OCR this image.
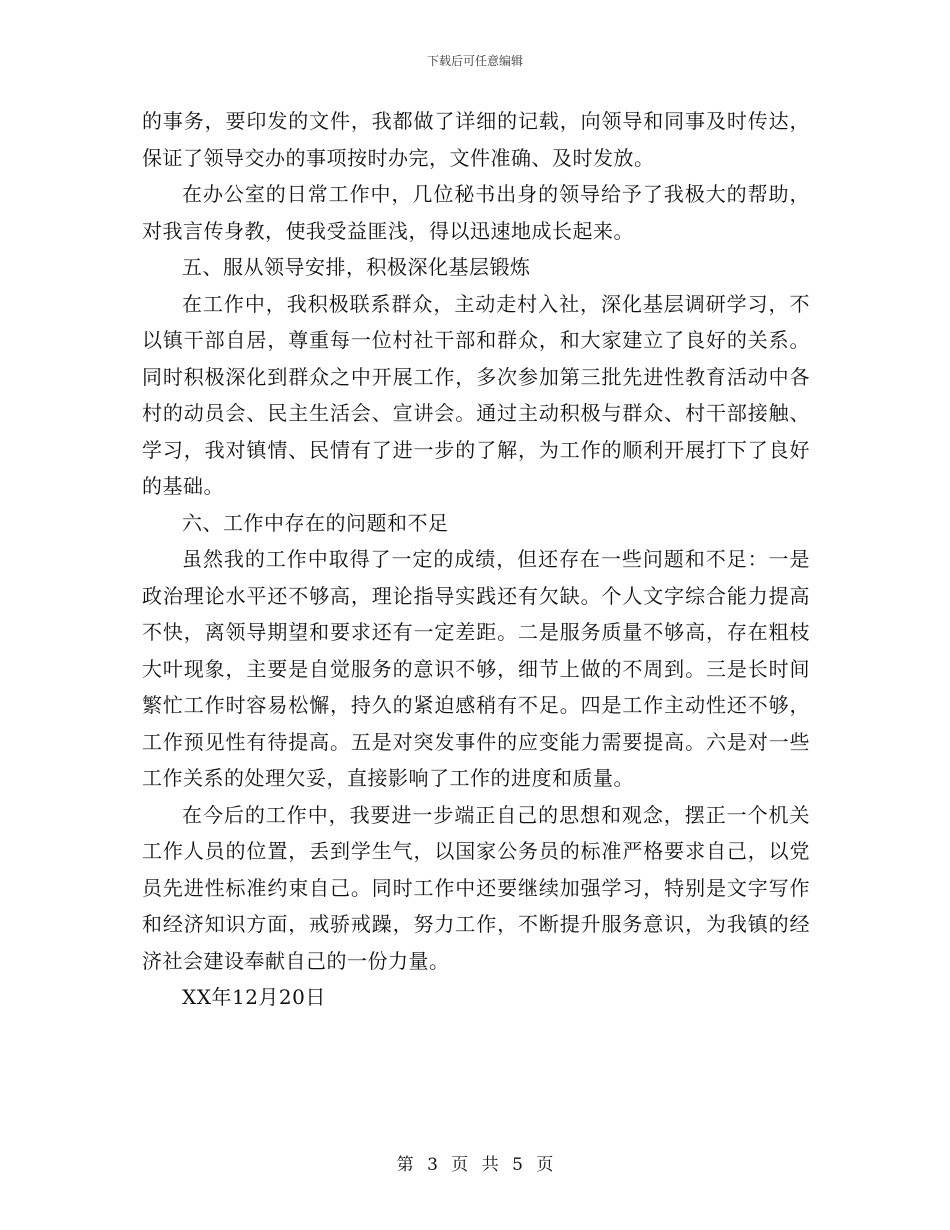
下载后可任意编辑

的事务，要印发的文件，我都做了详细的记载，向领导和同事及时传达，保证了领导交办的事项按时办完，文件准确、及时发放。

在办公室的日常工作中，几位秘书出身的领导给予了我极大的帮助，对我言传身教，使我受益匪浅，得以迅速地成长起来。

五、服从领导安排，积极深化基层锻炼

在工作中，我积极联系群众，主动走村入社，深化基层调研学习，不以镇干部自居，尊重每一位村社干部和群众，和大家建立了良好的关系。同时积极深化到群众之中开展工作，多次参加第三批先进性教育活动中各村的动员会、民主生活会、宣讲会。通过主动积极与群众、村干部接触、学习，我对镇情、民情有了进一步的了解，为工作的顺利开展打下了良好的基础。

六、工作中存在的问题和不足

虽然我的工作中取得了一定的成绩，但还存在一些问题和不足：一是政治理论水平还不够高，理论指导实践还有欠缺。个人文字综合能力提高不快，离领导期望和要求还有一定差距。二是服务质量不够高，存在粗枝大叶现象，主要是自觉服务的意识不够，细节上做的不周到。三是长时间繁忙工作时容易松懈，持久的紧迫感稍有不足。四是工作主动性还不够，工作预见性有待提高。五是对突发事件的应变能力需要提高。六是对一些工作关系的处理欠妥，直接影响了工作的进度和质量。

在今后的工作中，我要进一步端正自己的思想和观念，摆正一个机关工作人员的位置，丢到学生气，以国家公务员的标准严格要求自己，以党员先进性标准约束自己。同时工作中还要继续加强学习，特别是文字写作和经济知识方面，戒骄戒躁，努力工作，不断提升服务意识，为我镇的经济社会建设奉献自己的一份力量。

XX年12月20日

第 3 页 共 5 页
